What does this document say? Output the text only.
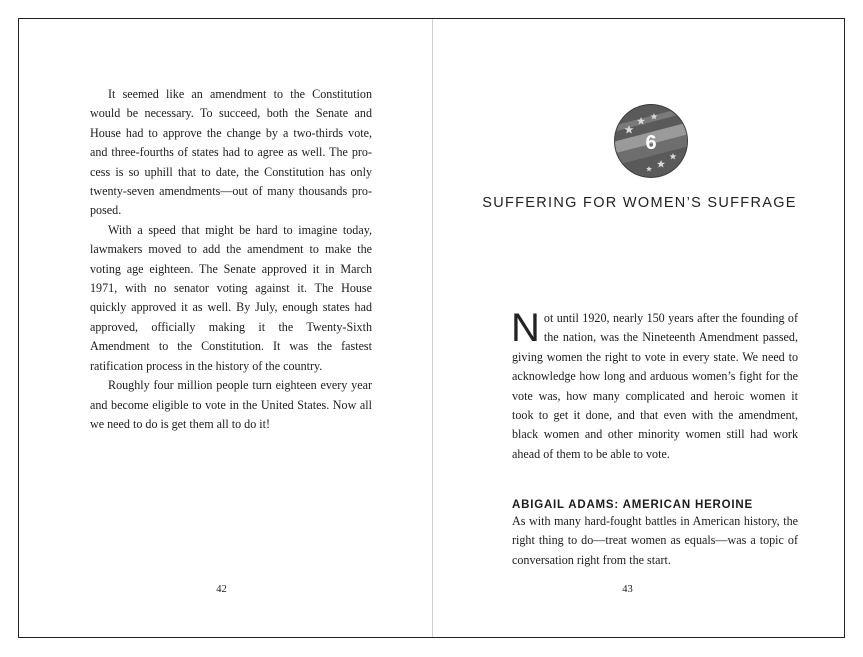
It seemed like an amendment to the Constitution would be necessary. To succeed, both the Senate and House had to approve the change by a two-thirds vote, and three-fourths of states had to agree as well. The process is so uphill that to date, the Constitution has only twenty-seven amendments—out of many thousands proposed.

With a speed that might be hard to imagine today, lawmakers moved to add the amendment to make the voting age eighteen. The Senate approved it in March 1971, with no senator voting against it. The House quickly approved it as well. By July, enough states had approved, officially making it the Twenty-Sixth Amendment to the Constitution. It was the fastest ratification process in the history of the country.

Roughly four million people turn eighteen every year and become eligible to vote in the United States. Now all we need to do is get them all to do it!

42
6
SUFFERING FOR WOMEN’S SUFFRAGE
Not until 1920, nearly 150 years after the founding of the nation, was the Nineteenth Amendment passed, giving women the right to vote in every state. We need to acknowledge how long and arduous women’s fight for the vote was, how many complicated and heroic women it took to get it done, and that even with the amendment, black women and other minority women still had work ahead of them to be able to vote.
ABIGAIL ADAMS: AMERICAN HEROINE
As with many hard-fought battles in American history, the right thing to do—treat women as equals—was a topic of conversation right from the start.
43
